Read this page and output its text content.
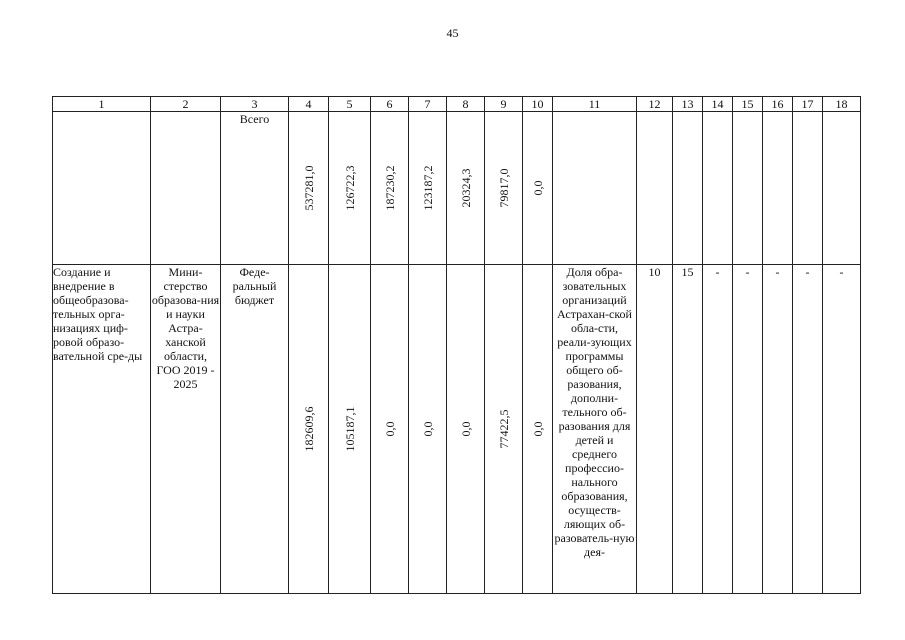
45
1	2	3	4	5	6	7	8	9	10	11	12	13	14	15	16	17	18
		Всего	537281,0	126722,3	187230,2	123187,2	20324,3	79817,0	0,0								

Создание и внедрение в общеобразова-тельных орга-низациях циф-ровой образо-вательной сре-ды	Мини-стерство образова-ния и науки Астра-ханской области, ГОО 2019 - 2025	Феде-ральный бюджет	182609,6	105187,1	0,0	0,0	0,0	77422,5	0,0	Доля обра-зовательных организаций Астрахан-ской обла-сти, реали-зующих программы общего об-разования, дополни-тельного об-разования для детей и среднего профессио-нального образования, осуществ-ляющих об-разователь-ную дея-	10	15	-	-	-	-	-
